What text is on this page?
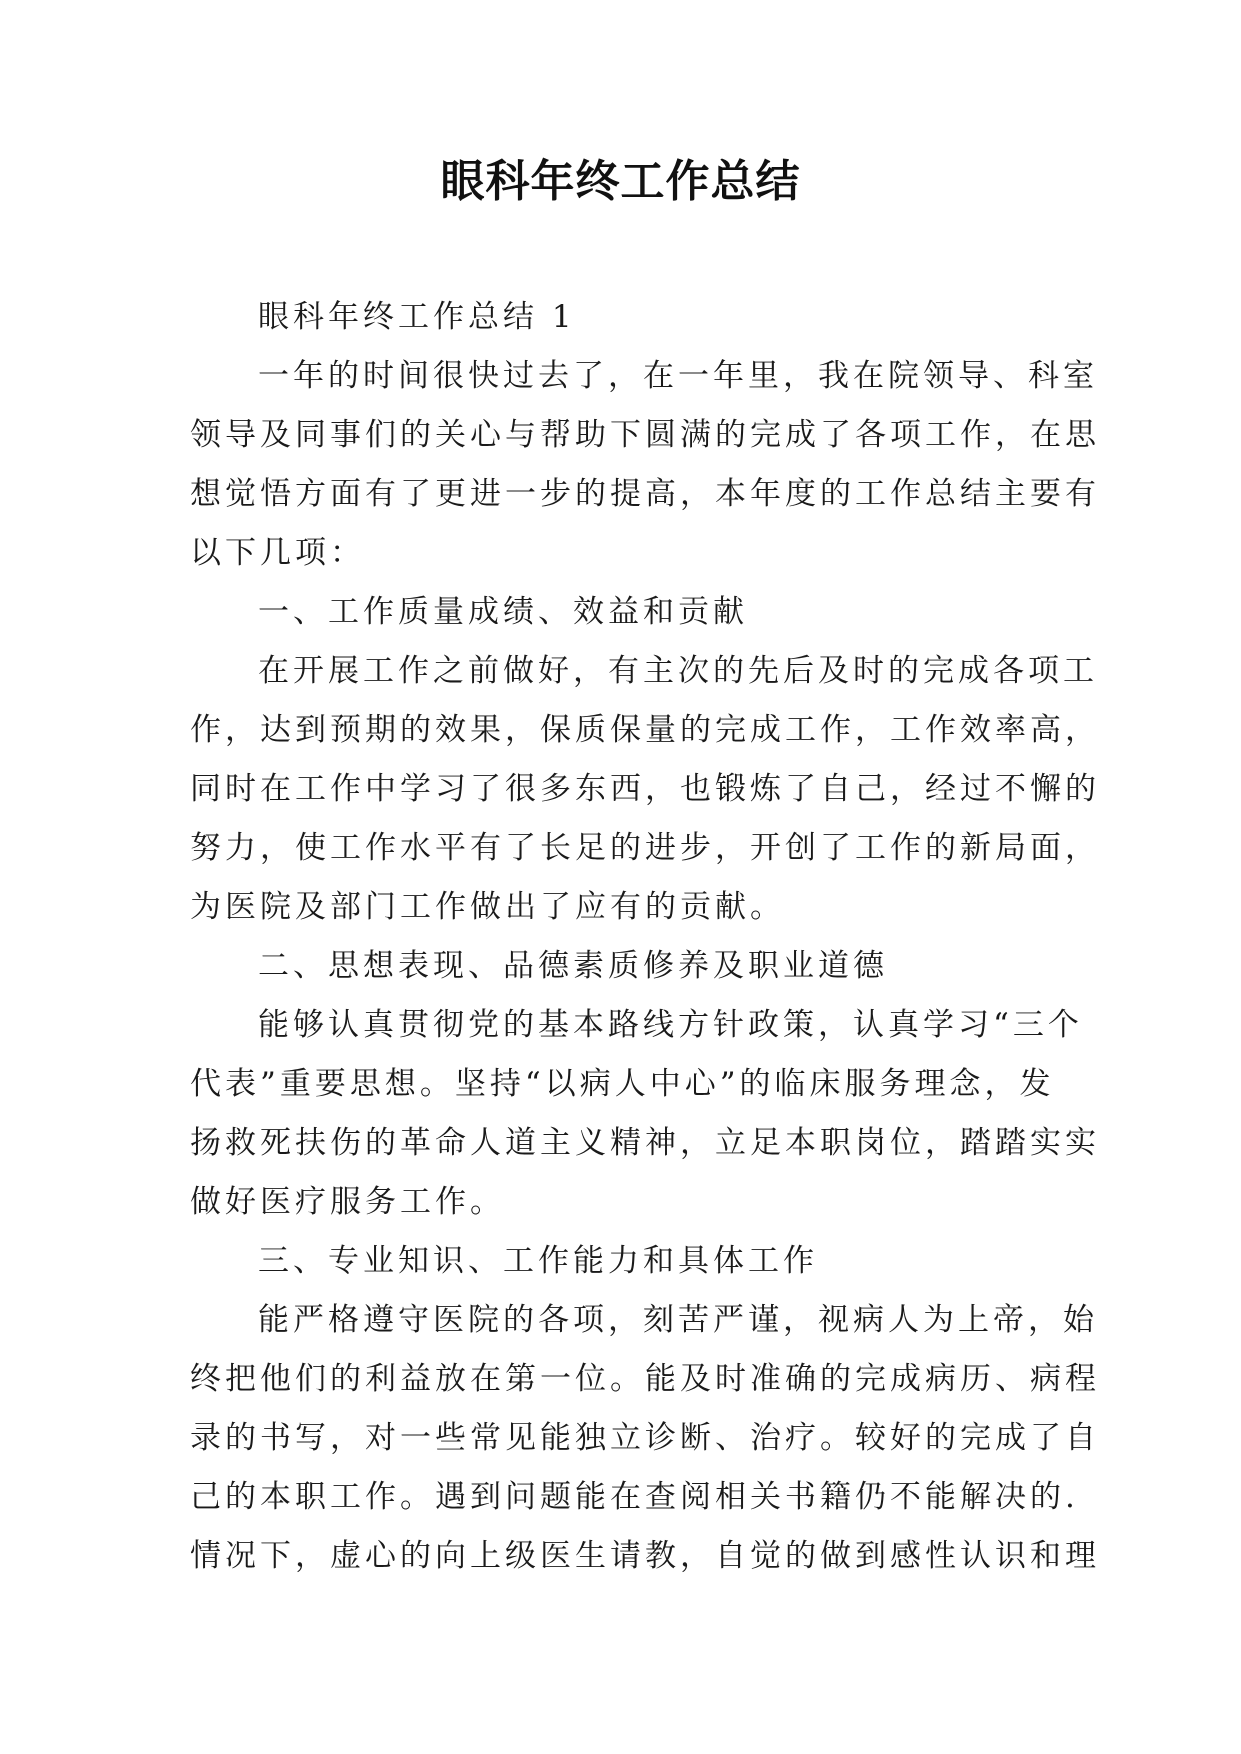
眼科年终工作总结
眼科年终工作总结 1
一年的时间很快过去了，在一年里，我在院领导、科室
领导及同事们的关心与帮助下圆满的完成了各项工作，在思
想觉悟方面有了更进一步的提高，本年度的工作总结主要有
以下几项：
一、工作质量成绩、效益和贡献
在开展工作之前做好，有主次的先后及时的完成各项工
作，达到预期的效果，保质保量的完成工作，工作效率高，
同时在工作中学习了很多东西，也锻炼了自己，经过不懈的
努力，使工作水平有了长足的进步，开创了工作的新局面，
为医院及部门工作做出了应有的贡献。
二、思想表现、品德素质修养及职业道德
能够认真贯彻党的基本路线方针政策，认真学习“三个
代表”重要思想。坚持“以病人中心”的临床服务理念，发
扬救死扶伤的革命人道主义精神，立足本职岗位，踏踏实实
做好医疗服务工作。
三、专业知识、工作能力和具体工作
能严格遵守医院的各项，刻苦严谨，视病人为上帝，始
终把他们的利益放在第一位。能及时准确的完成病历、病程
录的书写，对一些常见能独立诊断、治疗。较好的完成了自
己的本职工作。遇到问题能在查阅相关书籍仍不能解决的.
情况下，虚心的向上级医生请教，自觉的做到感性认识和理
